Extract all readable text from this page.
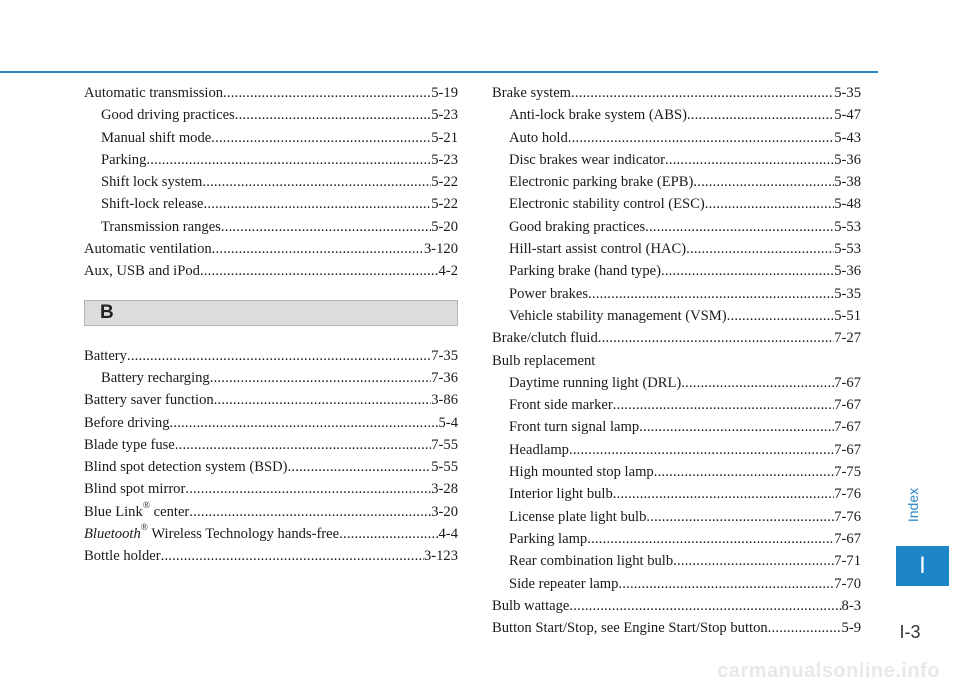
Automatic transmission .....	5-19
Good driving practices .....	5-23
Manual shift mode .....	5-21
Parking .....	5-23
Shift lock system .....	5-22
Shift-lock release .....	5-22
Transmission ranges .....	5-20
Automatic ventilation .....	3-120
Aux, USB and iPod .....	4-2
B
Battery .....	7-35
Battery recharging .....	7-36
Battery saver function .....	3-86
Before driving .....	5-4
Blade type fuse .....	7-55
Blind spot detection system (BSD) .....	5-55
Blind spot mirror .....	3-28
Blue Link® center .....	3-20
Bluetooth® Wireless Technology hands-free .....	4-4
Bottle holder .....	3-123
Brake system .....	5-35
Anti-lock brake system (ABS) .....	5-47
Auto hold .....	5-43
Disc brakes wear indicator .....	5-36
Electronic parking brake (EPB) .....	5-38
Electronic stability control (ESC) .....	5-48
Good braking practices .....	5-53
Hill-start assist control (HAC) .....	5-53
Parking brake (hand type) .....	5-36
Power brakes .....	5-35
Vehicle stability management (VSM) .....	5-51
Brake/clutch fluid .....	7-27
Bulb replacement
Daytime running light (DRL) .....	7-67
Front side marker .....	7-67
Front turn signal lamp .....	7-67
Headlamp .....	7-67
High mounted stop lamp .....	7-75
Interior light bulb .....	7-76
License plate light bulb .....	7-76
Parking lamp .....	7-67
Rear combination light bulb .....	7-71
Side repeater lamp .....	7-70
Bulb wattage .....	8-3
Button Start/Stop, see Engine Start/Stop button .....	5-9
Index
I
I-3
carmanualsonline.info
